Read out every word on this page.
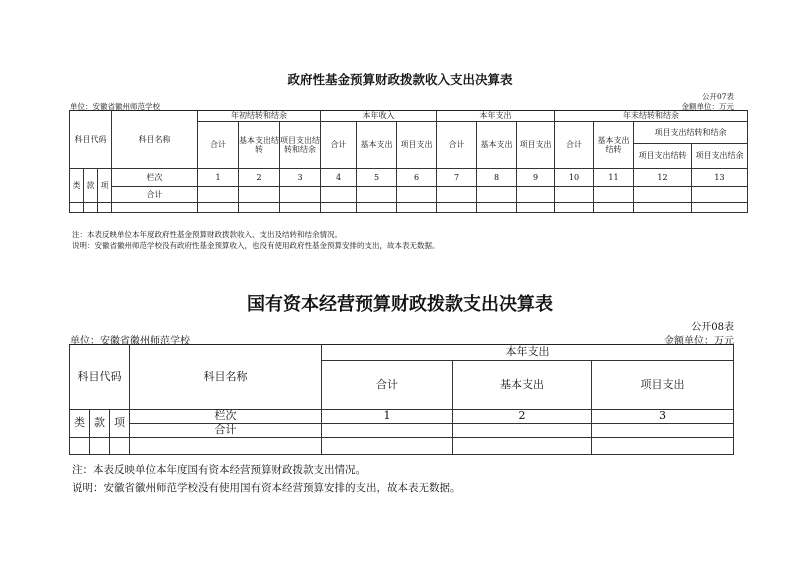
政府性基金预算财政拨款收入支出决算表
公开07表
单位：安徽省徽州师范学校	金额单位：万元
科目代码			科目名称	年初结转和结余			本年收入			本年支出			年末结转和结余			
				合计	基本支出结转	项目支出结转和结余	合计	基本支出	项目支出	合计	基本支出	项目支出	合计	基本支出结转	项目支出结转和结余	
															项目支出结转	项目支出结余
类	款	项	栏次	1	2	3	4	5	6	7	8	9	10	11	12	13
			合计													

注：本表反映单位本年度政府性基金预算财政拨款收入、支出及结转和结余情况。
说明：安徽省徽州师范学校没有政府性基金预算收入，也没有使用政府性基金预算安排的支出，故本表无数据。
国有资本经营预算财政拨款支出决算表
公开08表
单位：安徽省徽州师范学校	金额单位：万元
科目代码			科目名称	本年支出		
				合计	基本支出	项目支出
类	款	项	栏次	1	2	3
			合计			

注：本表反映单位本年度国有资本经营预算财政拨款支出情况。
说明：安徽省徽州师范学校没有使用国有资本经营预算安排的支出，故本表无数据。
